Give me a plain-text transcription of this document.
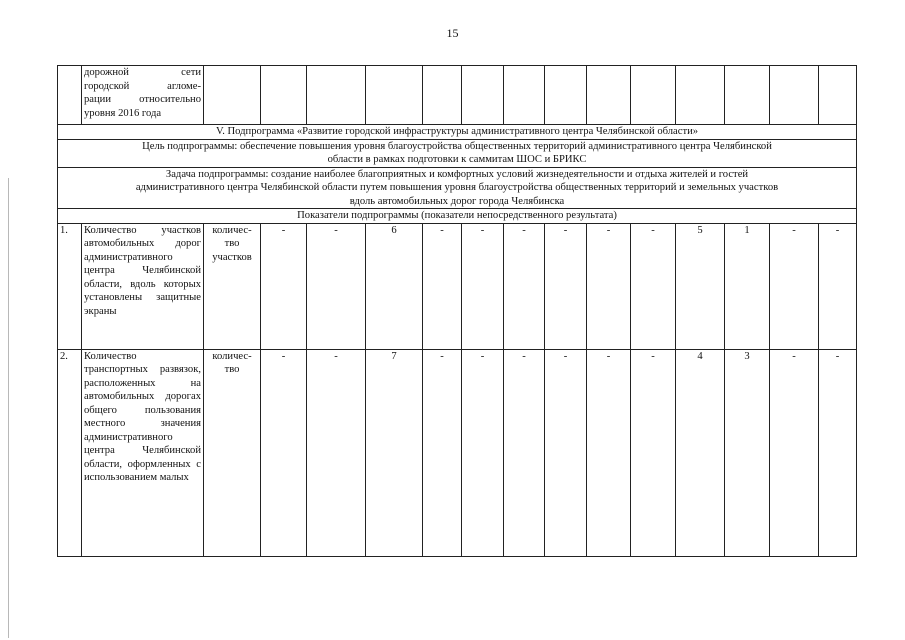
15

	дорожной сети
городской агломе-
рации относительно
уровня 2016 года														

V. Подпрограмма «Развитие городской инфраструктуры административного центра Челябинской области»															

Цель подпрограммы: обеспечение повышения уровня благоустройства общественных территорий административного центра Челябинской
области в рамках подготовки к саммитам ШОС и БРИКС															

Задача подпрограммы: создание наиболее благоприятных и комфортных условий жизнедеятельности и отдыха жителей и гостей
административного центра Челябинской области путем повышения уровня благоустройства общественных территорий и земельных участков
вдоль автомобильных дорог города Челябинска															

Показатели подпрограммы (показатели непосредственного результата)															
1.	Количество участков автомобильных дорог административного центра Челябинской области, вдоль которых установлены защитные экраны	количес- тво участков	-	-	6	-	-	-	-	-	-	5	1	-	-
2.	Количество транспортных развязок, расположенных на автомобильных дорогах общего пользования местного значения административного центра Челябинской области, оформленных с использованием малых	количес- тво	-	-	7	-	-	-	-	-	-	4	3	-	-
